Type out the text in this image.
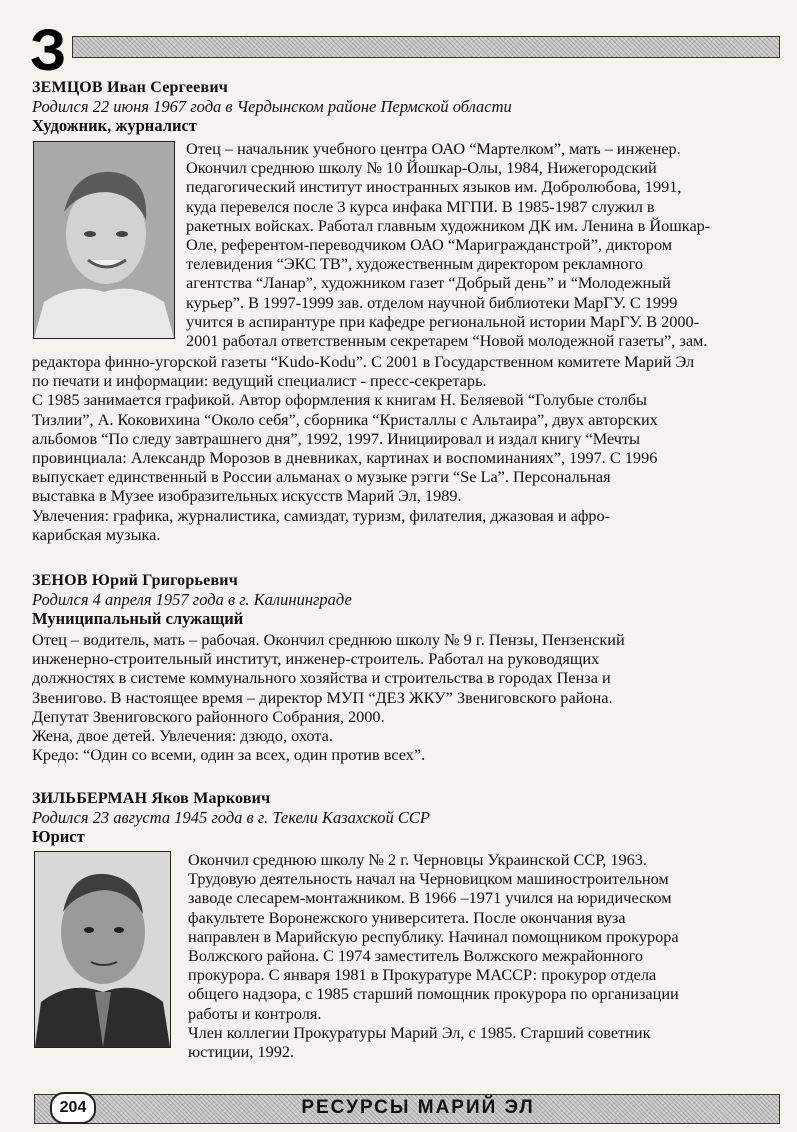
З
ЗЕМЦОВ Иван Сергеевич
Родился 22 июня 1967 года в Чердынском районе Пермской области
Художник, журналист
Отец – начальник учебного центра ОАО “Мартелком”, мать – инженер.
Окончил среднюю школу № 10 Йошкар-Олы, 1984, Нижегородский
педагогический институт иностранных языков им. Добролюбова, 1991,
куда перевелся после 3 курса инфака МГПИ. В 1985-1987 служил в
ракетных войсках. Работал главным художником ДК им. Ленина в Йошкар-
Оле, референтом-переводчиком ОАО “Маригражданстрой”, диктором
телевидения “ЭКС ТВ”, художественным директором рекламного
агентства “Ланар”, художником газет “Добрый день” и “Молодежный
курьер”. В 1997-1999 зав. отделом научной библиотеки МарГУ. С 1999
учится в аспирантуре при кафедре региональной истории МарГУ. В 2000-
2001 работал ответственным секретарем “Новой молодежной газеты”, зам.
редактора финно-угорской газеты “Kudo-Kodu”. С 2001 в Государственном комитете Марий Эл
по печати и информации: ведущий специалист - пресс-секретарь.
С 1985 занимается графикой. Автор оформления к книгам Н. Беляевой “Голубые столбы
Тизлии”, А. Коковихина “Около себя”, сборника “Кристаллы с Альтаира”, двух авторских
альбомов “По следу завтрашнего дня”, 1992, 1997. Инициировал и издал книгу “Мечты
провинциала: Александр Морозов в дневниках, картинах и воспоминаниях”, 1997. С 1996
выпускает единственный в России альманах о музыке рэгги “Se La”. Персональная
выставка в Музее изобразительных искусств Марий Эл, 1989.
Увлечения: графика, журналистика, самиздат, туризм, филателия, джазовая и афро-
карибская музыка.
ЗЕНОВ Юрий Григорьевич
Родился 4 апреля 1957 года в г. Калининграде
Муниципальный служащий
Отец – водитель, мать – рабочая. Окончил среднюю школу № 9 г. Пензы, Пензенский
инженерно-строительный институт, инженер-строитель. Работал на руководящих
должностях в системе коммунального хозяйства и строительства в городах Пенза и
Звенигово. В настоящее время – директор МУП “ДЕЗ ЖКУ” Звениговского района.
Депутат Звениговского районного Собрания, 2000.
Жена, двое детей. Увлечения: дзюдо, охота.
Кредо: “Один со всеми, один за всех, один против всех”.
ЗИЛЬБЕРМАН Яков Маркович
Родился 23 августа 1945 года в г. Текели Казахской ССР
Юрист
Окончил среднюю школу № 2 г. Черновцы Украинской ССР, 1963.
Трудовую деятельность начал на Черновицком машиностроительном
заводе слесарем-монтажником. В 1966 –1971 учился на юридическом
факультете Воронежского университета. После окончания вуза
направлен в Марийскую республику. Начинал помощником прокурора
Волжского района. С 1974 заместитель Волжского межрайонного
прокурора. С января 1981 в Прокуратуре МАССР: прокурор отдела
общего надзора, с 1985 старший помощник прокурора по организации
работы и контроля.
Член коллегии Прокуратуры Марий Эл, с 1985. Старший советник
юстиции, 1992.
204	РЕСУРСЫ МАРИЙ ЭЛ
